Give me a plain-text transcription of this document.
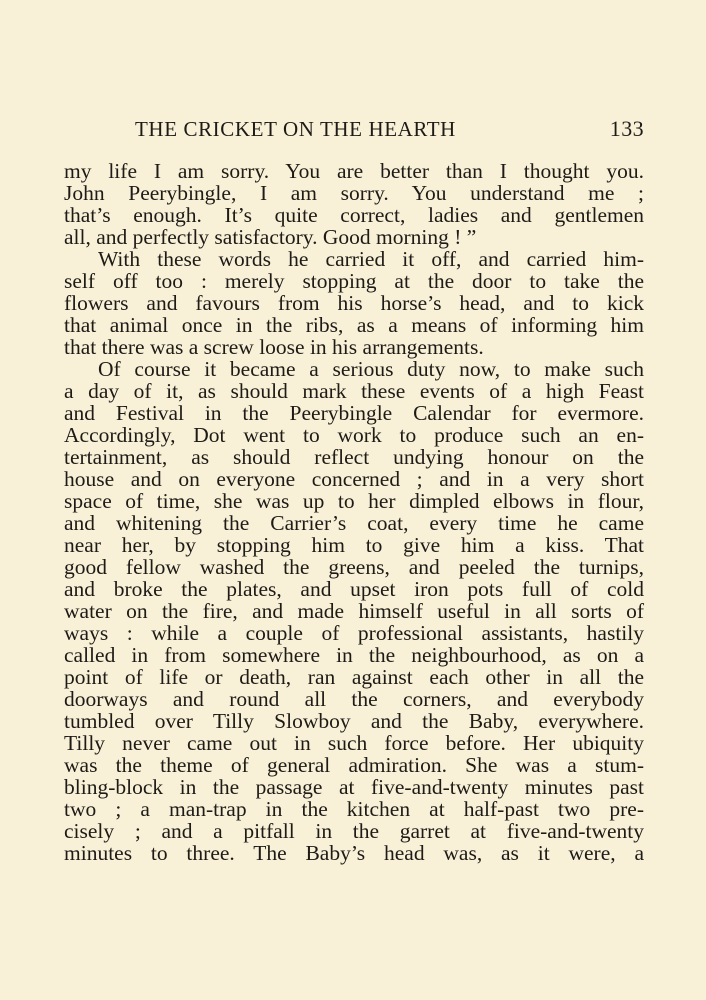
THE CRICKET ON THE HEARTH	133
my life I am sorry. You are better than I thought you.
John Peerybingle, I am sorry. You understand me ;
that’s enough. It’s quite correct, ladies and gentlemen
all, and perfectly satisfactory. Good morning ! ”
With these words he carried it off, and carried him-
self off too : merely stopping at the door to take the
flowers and favours from his horse’s head, and to kick
that animal once in the ribs, as a means of informing him
that there was a screw loose in his arrangements.
Of course it became a serious duty now, to make such
a day of it, as should mark these events of a high Feast
and Festival in the Peerybingle Calendar for evermore.
Accordingly, Dot went to work to produce such an en-
tertainment, as should reflect undying honour on the
house and on everyone concerned ; and in a very short
space of time, she was up to her dimpled elbows in flour,
and whitening the Carrier’s coat, every time he came
near her, by stopping him to give him a kiss. That
good fellow washed the greens, and peeled the turnips,
and broke the plates, and upset iron pots full of cold
water on the fire, and made himself useful in all sorts of
ways : while a couple of professional assistants, hastily
called in from somewhere in the neighbourhood, as on a
point of life or death, ran against each other in all the
doorways and round all the corners, and everybody
tumbled over Tilly Slowboy and the Baby, everywhere.
Tilly never came out in such force before. Her ubiquity
was the theme of general admiration. She was a stum-
bling-block in the passage at five-and-twenty minutes past
two ; a man-trap in the kitchen at half-past two pre-
cisely ; and a pitfall in the garret at five-and-twenty
minutes to three. The Baby’s head was, as it were, a
